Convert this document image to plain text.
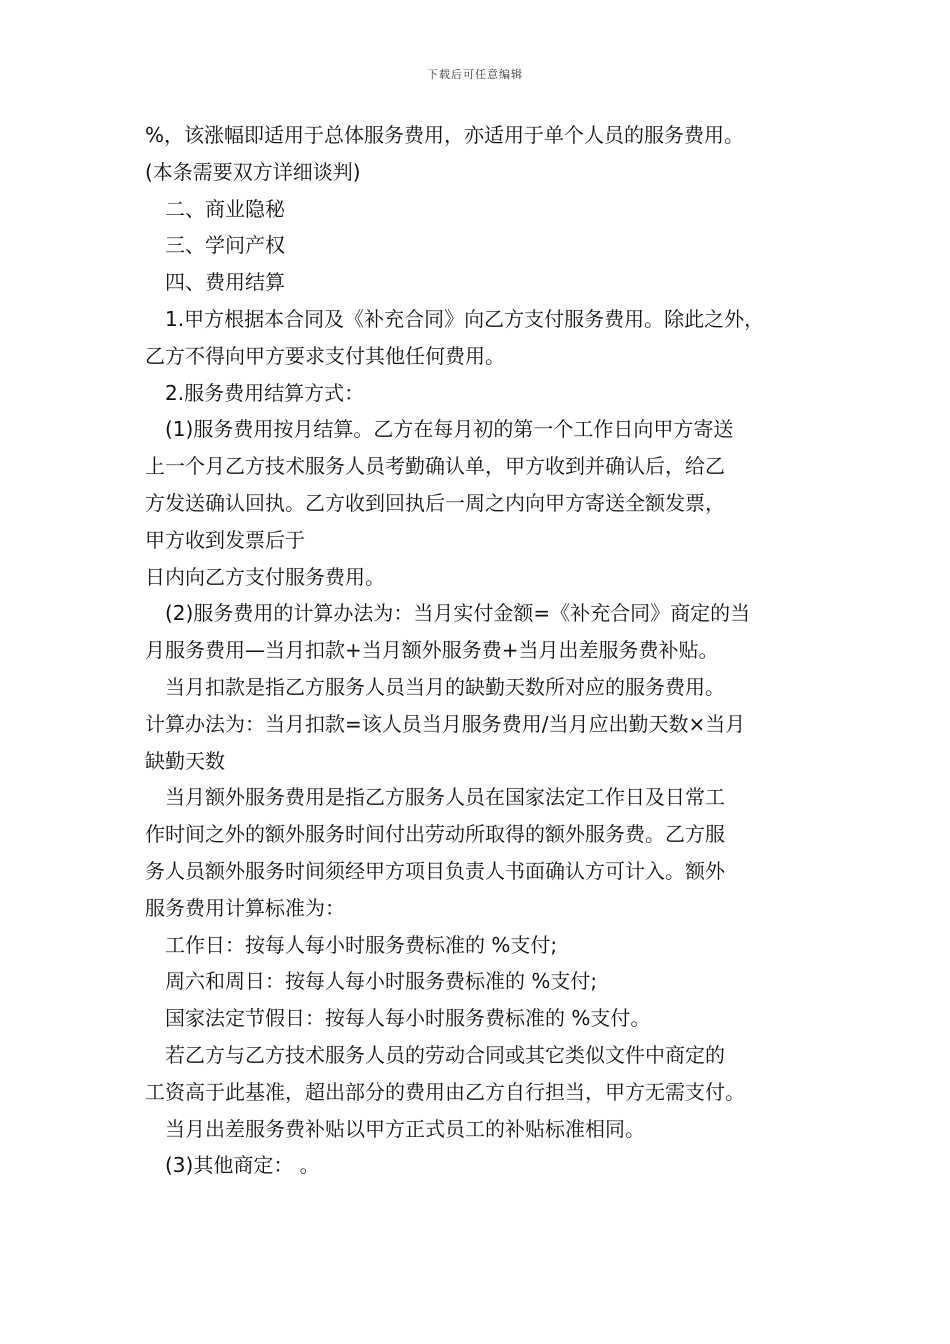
下载后可任意编辑

%，该涨幅即适用于总体服务费用，亦适用于单个人员的服务费用。

(本条需要双方详细谈判)

二、商业隐秘

三、学问产权

四、费用结算

1.甲方根据本合同及《补充合同》向乙方支付服务费用。除此之外，

乙方不得向甲方要求支付其他任何费用。

2.服务费用结算方式：

(1)服务费用按月结算。乙方在每月初的第一个工作日向甲方寄送

上一个月乙方技术服务人员考勤确认单，甲方收到并确认后，给乙

方发送确认回执。乙方收到回执后一周之内向甲方寄送全额发票，

甲方收到发票后于

日内向乙方支付服务费用。

(2)服务费用的计算办法为：当月实付金额=《补充合同》商定的当

月服务费用—当月扣款+当月额外服务费+当月出差服务费补贴。

当月扣款是指乙方服务人员当月的缺勤天数所对应的服务费用。

计算办法为：当月扣款=该人员当月服务费用/当月应出勤天数×当月

缺勤天数

当月额外服务费用是指乙方服务人员在国家法定工作日及日常工

作时间之外的额外服务时间付出劳动所取得的额外服务费。乙方服

务人员额外服务时间须经甲方项目负责人书面确认方可计入。额外

服务费用计算标准为：

工作日：按每人每小时服务费标准的 %支付;

周六和周日：按每人每小时服务费标准的 %支付;

国家法定节假日：按每人每小时服务费标准的 %支付。

若乙方与乙方技术服务人员的劳动合同或其它类似文件中商定的

工资高于此基准，超出部分的费用由乙方自行担当，甲方无需支付。

当月出差服务费补贴以甲方正式员工的补贴标准相同。

(3)其他商定： 。
